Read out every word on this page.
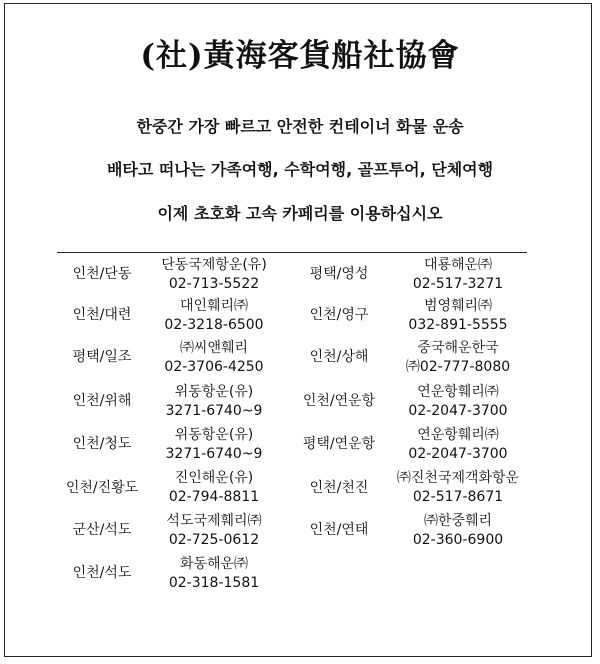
(社)黃海客貨船社協會
한중간 가장 빠르고 안전한 컨테이너 화물 운송
배타고 떠나는 가족여행, 수학여행, 골프투어, 단체여행
이제 초호화 고속 카페리를 이용하십시오
인천/단동
단동국제항운(유)
02-713-5522
평택/영성
대룡해운㈜
02-517-3271
인천/대련
대인훼리㈜
02-3218-6500
인천/영구
범영훼리㈜
032-891-5555
평택/일조
㈜씨앤훼리
02-3706-4250
인천/상해
중국해운한국
㈜02-777-8080
인천/위해
위동항운(유)
3271-6740~9
인천/연운항
연운항훼리㈜
02-2047-3700
인천/청도
위동항운(유)
3271-6740~9
평택/연운항
연운항훼리㈜
02-2047-3700
인천/진황도
진인해운(유)
02-794-8811
인천/천진
㈜진천국제객화항운
02-517-8671
군산/석도
석도국제훼리㈜
02-725-0612
인천/연태
㈜한중훼리
02-360-6900
인천/석도
화동해운㈜
02-318-1581
